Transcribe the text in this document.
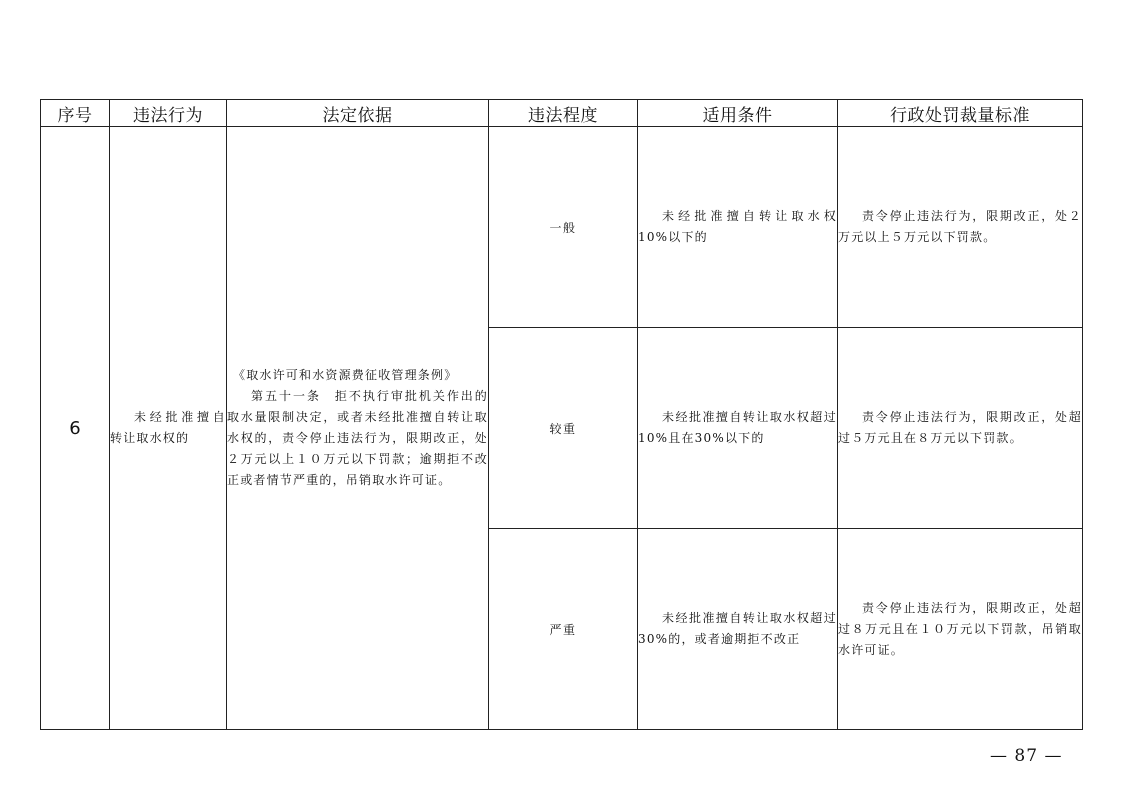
序号	违法行为	法定依据	违法程度	适用条件	行政处罚裁量标准
6	未经批准擅自转让取水权的	《取水许可和水资源费征收管理条例》
第五十一条　拒不执行审批机关作出的取水量限制决定，或者未经批准擅自转让取水权的，责令停止违法行为，限期改正，处２万元以上１０万元以下罚款；逾期拒不改正或者情节严重的，吊销取水许可证。	一般	未经批准擅自转让取水权10%以下的	责令停止违法行为，限期改正，处２万元以上５万元以下罚款。

			较重	未经批准擅自转让取水权超过10%且在30%以下的	责令停止违法行为，限期改正，处超过５万元且在８万元以下罚款。

			严重	未经批准擅自转让取水权超过30%的，或者逾期拒不改正	责令停止违法行为，限期改正，处超过８万元且在１０万元以下罚款，吊销取水许可证。
— 87 —
